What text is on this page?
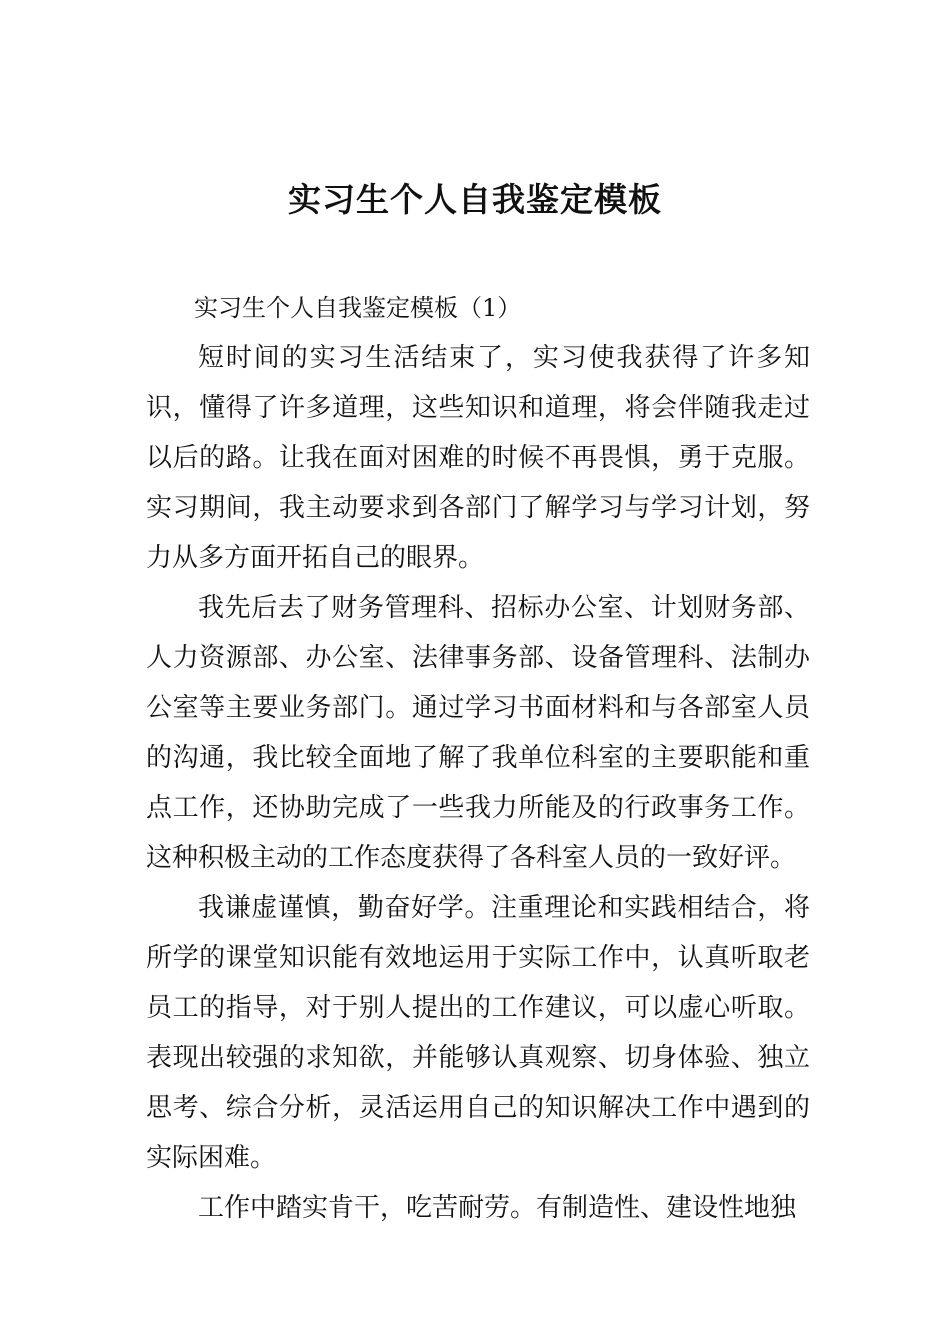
实习生个人自我鉴定模板

实习生个人自我鉴定模板（1）

短时间的实习生活结束了，实习使我获得了许多知识，懂得了许多道理，这些知识和道理，将会伴随我走过以后的路。让我在面对困难的时候不再畏惧，勇于克服。 实习期间，我主动要求到各部门了解学习与学习计划，努力从多方面开拓自己的眼界。

我先后去了财务管理科、招标办公室、计划财务部、人力资源部、办公室、法律事务部、设备管理科、法制办公室等主要业务部门。通过学习书面材料和与各部室人员的沟通，我比较全面地了解了我单位科室的主要职能和重点工作，还协助完成了一些我力所能及的行政事务工作。这种积极主动的工作态度获得了各科室人员的一致好评。

我谦虚谨慎，勤奋好学。注重理论和实践相结合，将所学的课堂知识能有效地运用于实际工作中，认真听取老员工的指导，对于别人提出的工作建议，可以虚心听取。表现出较强的求知欲，并能够认真观察、切身体验、独立思考、综合分析，灵活运用自己的知识解决工作中遇到的实际困难。

工作中踏实肯干，吃苦耐劳。有制造性、建设性地独
